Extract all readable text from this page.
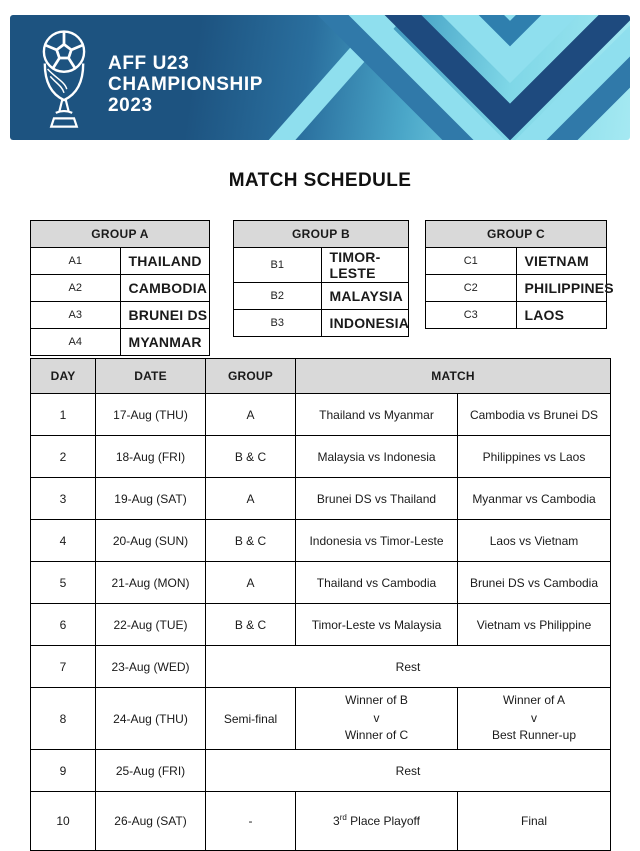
AFF U23
CHAMPIONSHIP
2023
MATCH SCHEDULE
GROUP A	
A1	THAILAND
A2	CAMBODIA
A3	BRUNEI DS
A4	MYANMAR
GROUP B	
B1	TIMOR-LESTE
B2	MALAYSIA
B3	INDONESIA
GROUP C	
C1	VIETNAM
C2	PHILIPPINES
C3	LAOS
DAY	DATE	GROUP	MATCH	
1	17-Aug (THU)	A	Thailand vs Myanmar	Cambodia vs Brunei DS
2	18-Aug (FRI)	B & C	Malaysia vs Indonesia	Philippines vs Laos
3	19-Aug (SAT)	A	Brunei DS vs Thailand	Myanmar vs Cambodia
4	20-Aug (SUN)	B & C	Indonesia vs Timor-Leste	Laos vs Vietnam
5	21-Aug (MON)	A	Thailand vs Cambodia	Brunei DS vs Cambodia
6	22-Aug (TUE)	B & C	Timor-Leste vs Malaysia	Vietnam vs Philippine
7	23-Aug (WED)	Rest		
8	24-Aug (THU)	Semi-final	
Winner of B
v
Winner of C

Winner of A
v
Best Runner-up

9	25-Aug (FRI)	Rest		
10	26-Aug (SAT)	-	3rd Place Playoff	Final
